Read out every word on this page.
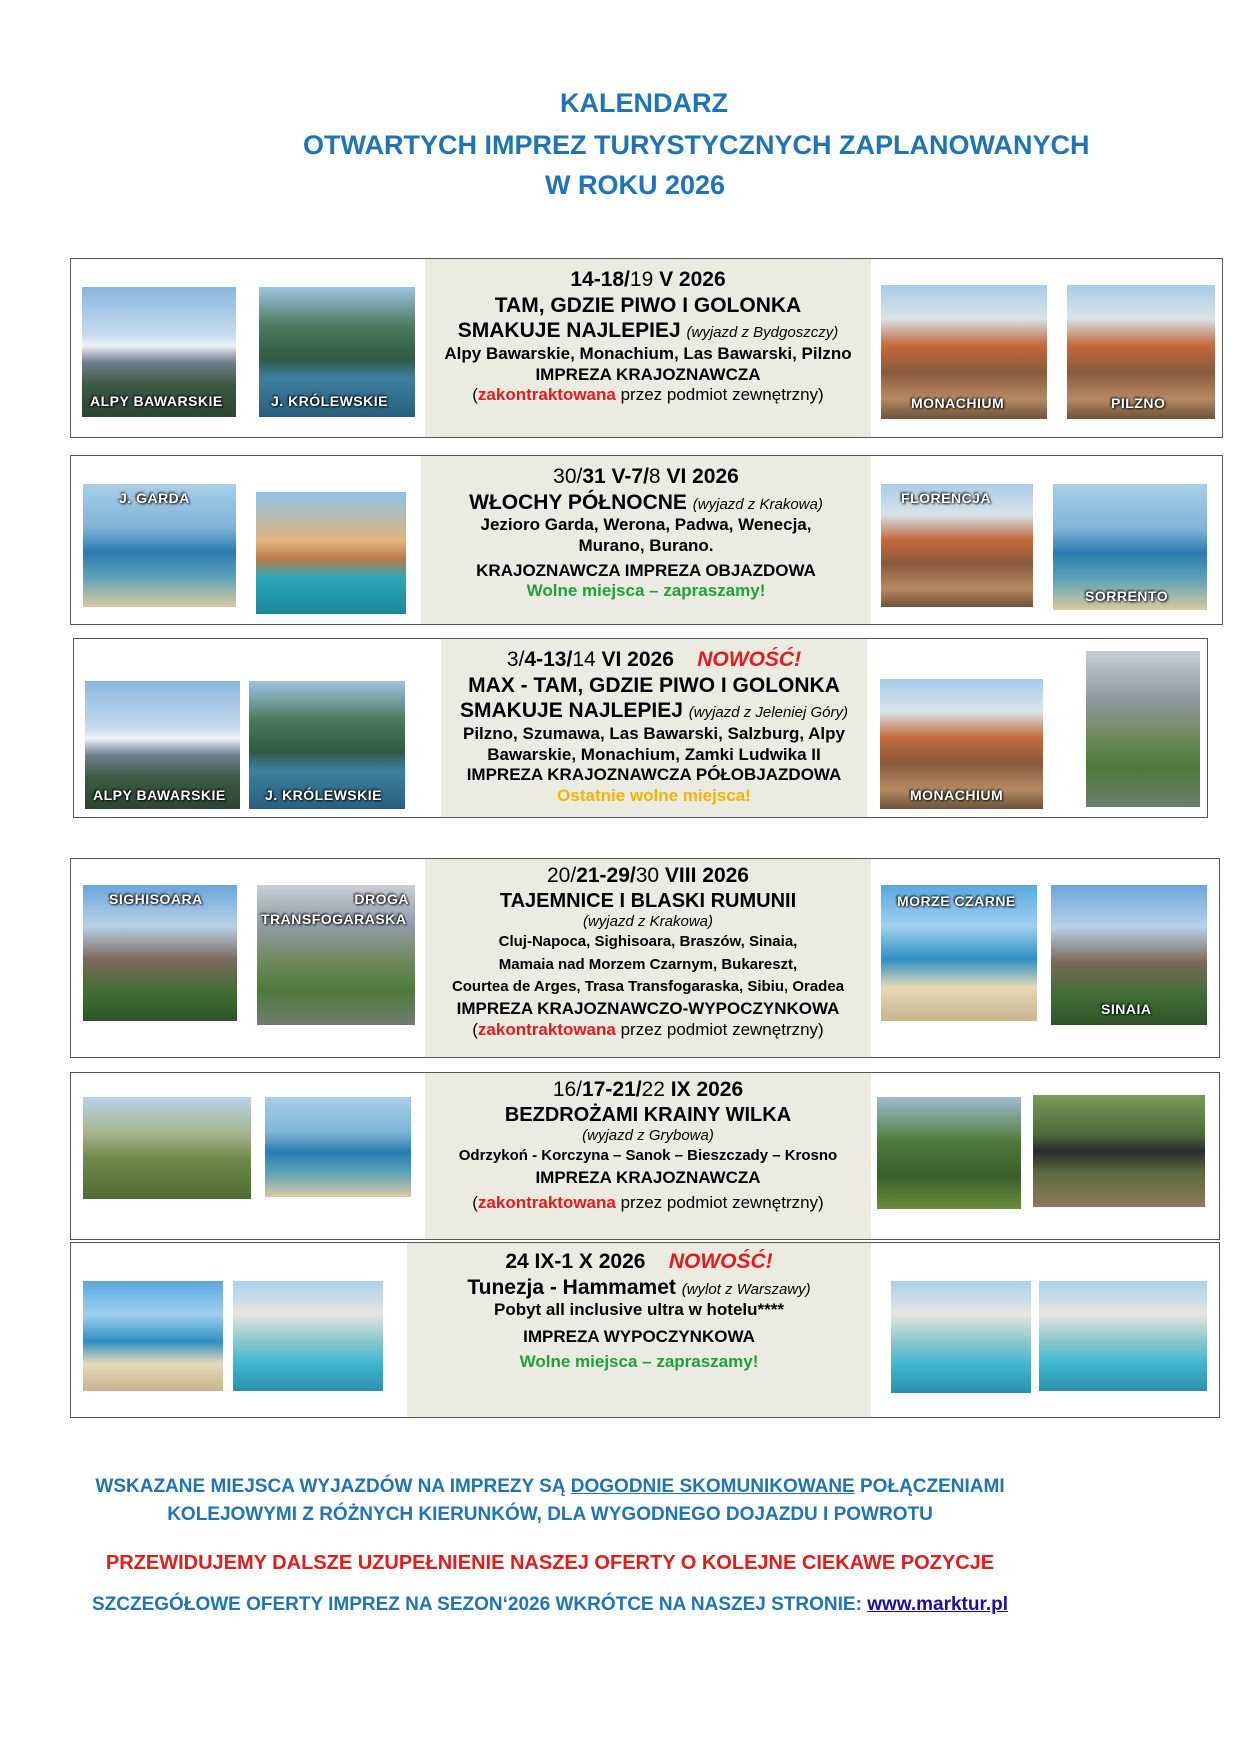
KALENDARZ
OTWARTYCH IMPREZ TURYSTYCZNYCH ZAPLANOWANYCH
W ROKU 2026
ALPY BAWARSKIE	J. KRÓLEWSKIE
14-18/19 V 2026
TAM, GDZIE PIWO I GOLONKA
SMAKUJE NAJLEPIEJ (wyjazd z Bydgoszczy)
Alpy Bawarskie, Monachium, Las Bawarski, Pilzno
IMPREZA KRAJOZNAWCZA
(zakontraktowana przez podmiot zewnętrzny)	MONACHIUM	PILZNO
J. GARDA
30/31 V-7/8 VI 2026
WŁOCHY PÓŁNOCNE (wyjazd z Krakowa)
Jezioro Garda, Werona, Padwa, Wenecja,
Murano, Burano.
KRAJOZNAWCZA IMPREZA OBJAZDOWA
Wolne miejsca – zapraszamy!
FLORENCJA
SORRENTO
ALPY BAWARSKIE	J. KRÓLEWSKIE
3/4-13/14 VI 2026 NOWOŚĆ!
MAX - TAM, GDZIE PIWO I GOLONKA
SMAKUJE NAJLEPIEJ (wyjazd z Jeleniej Góry)
Pilzno, Szumawa, Las Bawarski, Salzburg, Alpy
Bawarskie, Monachium, Zamki Ludwika II
IMPREZA KRAJOZNAWCZA PÓŁOBJAZDOWA
Ostatnie wolne miejsca!	MONACHIUM
SIGHISOARA	DROGA
TRANSFOGARASKA
20/21-29/30 VIII 2026
TAJEMNICE I BLASKI RUMUNII
(wyjazd z Krakowa)
Cluj-Napoca, Sighisoara, Braszów, Sinaia,
Mamaia nad Morzem Czarnym, Bukareszt,
Courtea de Arges, Trasa Transfogaraska, Sibiu, Oradea
IMPREZA KRAJOZNAWCZO-WYPOCZYNKOWA
(zakontraktowana przez podmiot zewnętrzny)
MORZE CZARNE
SINAIA
16/17-21/22 IX 2026
BEZDROŻAMI KRAINY WILKA
(wyjazd z Grybowa)
Odrzykoń - Korczyna – Sanok – Bieszczady – Krosno
IMPREZA KRAJOZNAWCZA
(zakontraktowana przez podmiot zewnętrzny)
24 IX-1 X 2026 NOWOŚĆ!
Tunezja - Hammamet (wylot z Warszawy)
Pobyt all inclusive ultra w hotelu****
IMPREZA WYPOCZYNKOWA
Wolne miejsca – zapraszamy!
WSKAZANE MIEJSCA WYJAZDÓW NA IMPREZY SĄ DOGODNIE SKOMUNIKOWANE POŁĄCZENIAMI
KOLEJOWYMI Z RÓŻNYCH KIERUNKÓW, DLA WYGODNEGO DOJAZDU I POWROTU
PRZEWIDUJEMY DALSZE UZUPEŁNIENIE NASZEJ OFERTY O KOLEJNE CIEKAWE POZYCJE
SZCZEGÓŁOWE OFERTY IMPREZ NA SEZON‘2026 WKRÓTCE NA NASZEJ STRONIE: www.marktur.pl
